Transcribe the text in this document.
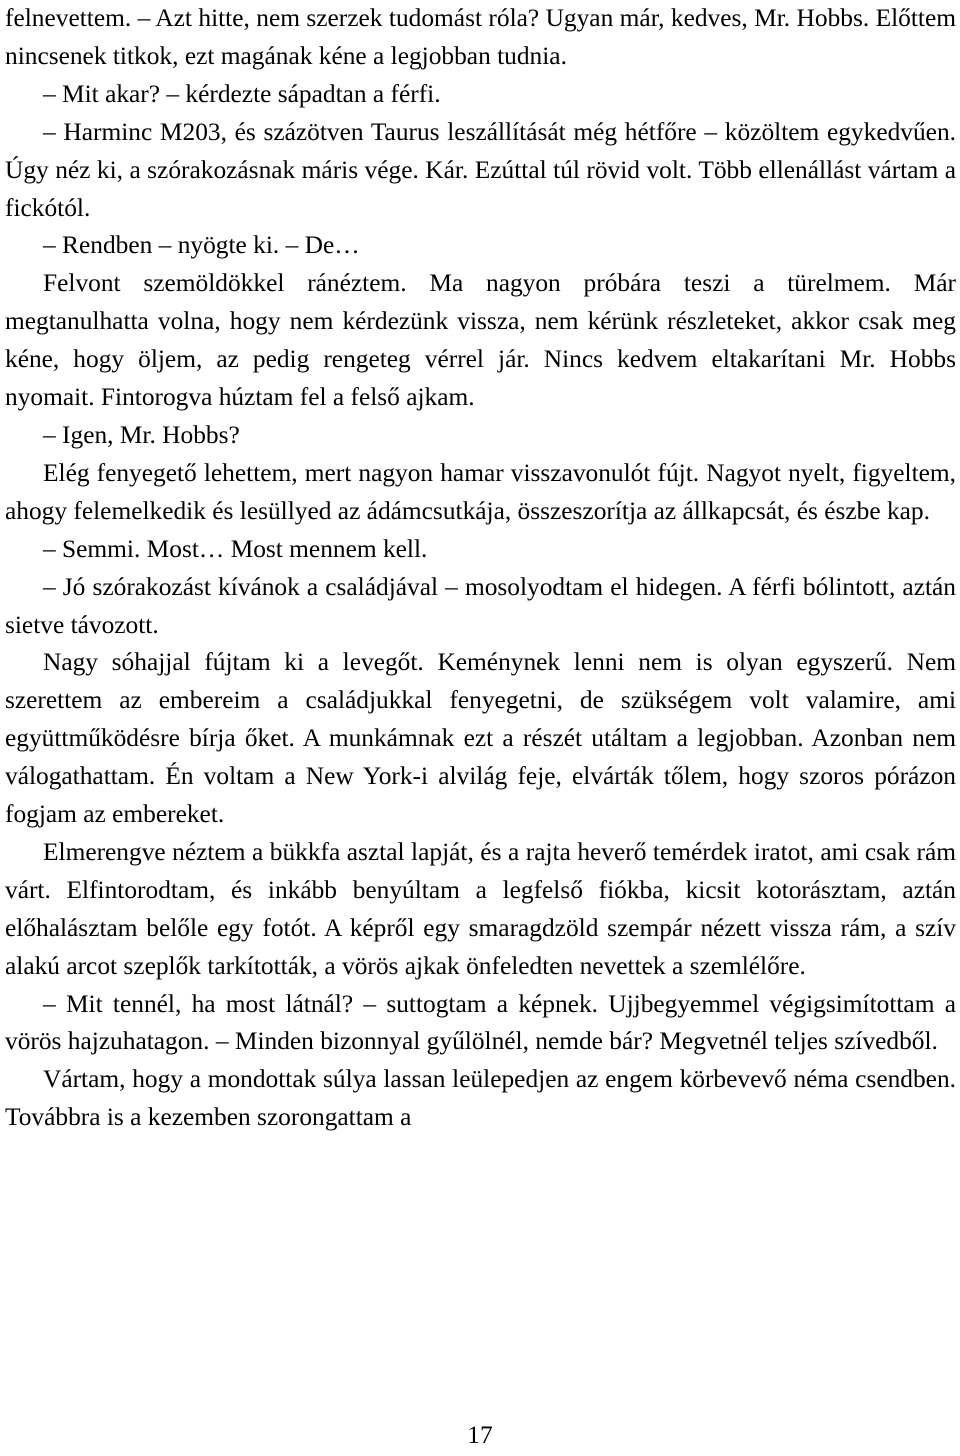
felnevettem. – Azt hitte, nem szerzek tudomást róla? Ugyan már, kedves, Mr. Hobbs. Előttem nincsenek titkok, ezt magának kéne a legjobban tudnia.

– Mit akar? – kérdezte sápadtan a férfi.

– Harminc M203, és százötven Taurus leszállítását még hétfőre – közöltem egykedvűen. Úgy néz ki, a szórakozásnak máris vége. Kár. Ezúttal túl rövid volt. Több ellenállást vártam a fickótól.

– Rendben – nyögte ki. – De…

Felvont szemöldökkel ránéztem. Ma nagyon próbára teszi a türelmem. Már megtanulhatta volna, hogy nem kérdezünk vissza, nem kérünk részleteket, akkor csak meg kéne, hogy öljem, az pedig rengeteg vérrel jár. Nincs kedvem eltakarítani Mr. Hobbs nyomait. Fintorogva húztam fel a felső ajkam.

– Igen, Mr. Hobbs?

Elég fenyegető lehettem, mert nagyon hamar visszavonulót fújt. Nagyot nyelt, figyeltem, ahogy felemelkedik és lesüllyed az ádámcsutkája, összeszorítja az állkapcsát, és észbe kap.

– Semmi. Most… Most mennem kell.

– Jó szórakozást kívánok a családjával – mosolyodtam el hidegen. A férfi bólintott, aztán sietve távozott.

Nagy sóhajjal fújtam ki a levegőt. Keménynek lenni nem is olyan egyszerű. Nem szerettem az embereim a családjukkal fenyegetni, de szükségem volt valamire, ami együttműködésre bírja őket. A munkámnak ezt a részét utáltam a legjobban. Azonban nem válogathattam. Én voltam a New York-i alvilág feje, elvárták tőlem, hogy szoros pórázon fogjam az embereket.

Elmerengve néztem a bükkfa asztal lapját, és a rajta heverő temérdek iratot, ami csak rám várt. Elfintorodtam, és inkább benyúltam a legfelső fiókba, kicsit kotorásztam, aztán előhalásztam belőle egy fotót. A képről egy smaragdzöld szempár nézett vissza rám, a szív alakú arcot szeplők tarkították, a vörös ajkak önfeledten nevettek a szemlélőre.

– Mit tennél, ha most látnál? – suttogtam a képnek. Ujjbegyemmel végigsimítottam a vörös hajzuhatagon. – Minden bizonnyal gyűlölnél, nemde bár? Megvetnél teljes szívedből.

Vártam, hogy a mondottak súlya lassan leülepedjen az engem körbevevő néma csendben. Továbbra is a kezemben szorongattam a

17
